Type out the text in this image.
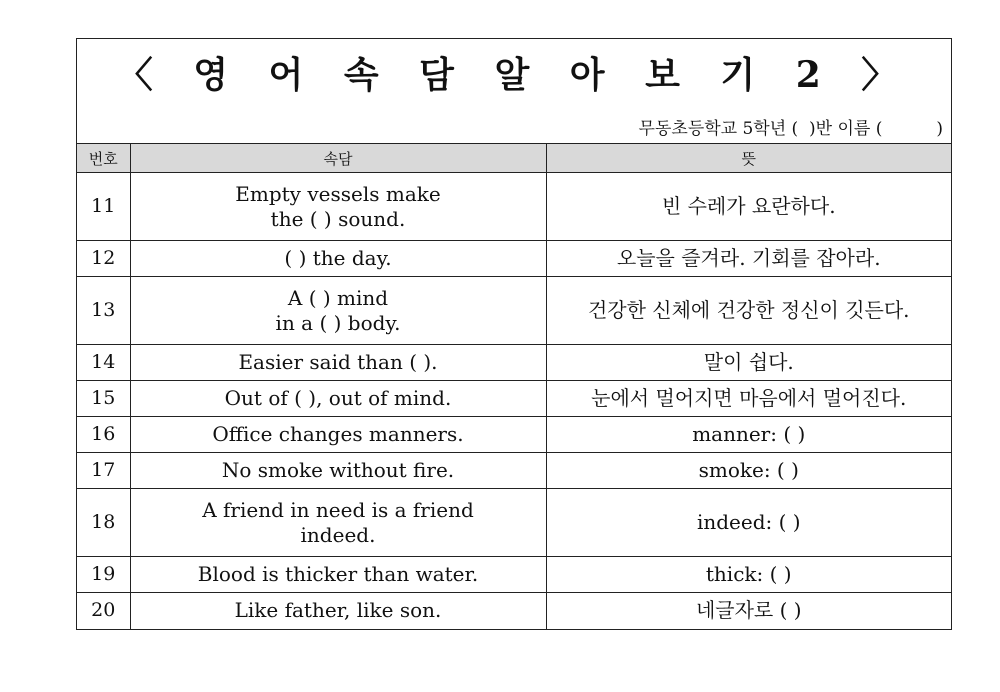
〈 영 어 속 담 알 아 보 기 2 〉
무동초등학교 5학년 (  )반 이름 (          )
번호	속담	뜻
11	Empty vessels make
the ( ) sound.	빈 수레가 요란하다.
12	( ) the day.	오늘을 즐겨라. 기회를 잡아라.
13	A ( ) mind
in a ( ) body.	건강한 신체에 건강한 정신이 깃든다.
14	Easier said than ( ).	말이 쉽다.
15	Out of ( ), out of mind.	눈에서 멀어지면 마음에서 멀어진다.
16	Office changes manners.	manner: ( )
17	No smoke without fire.	smoke: ( )
18	A friend in need is a friend
indeed.	indeed: ( )
19	Blood is thicker than water.	thick: ( )
20	Like father, like son.	네글자로 ( )
